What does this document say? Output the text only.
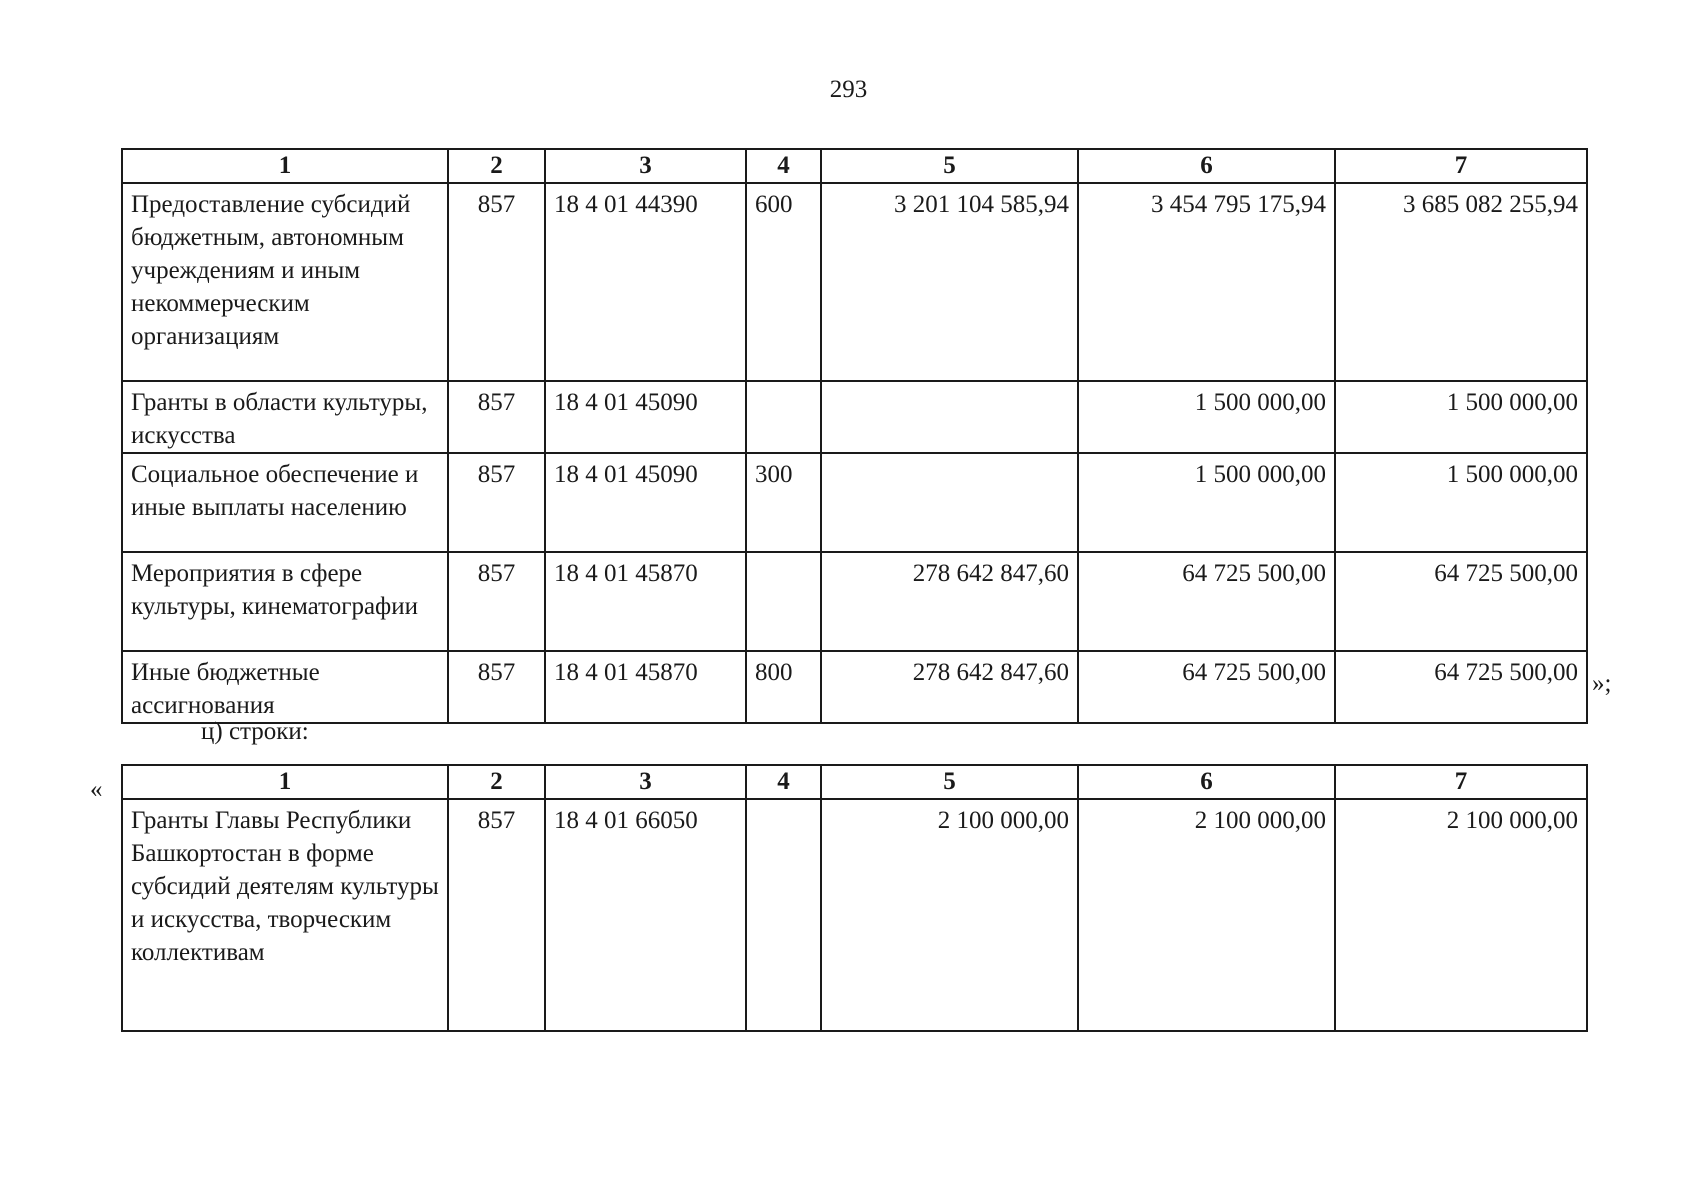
293
1	2	3	4	5	6	7
Предоставление субсидий бюджетным, автономным учреждениям и иным некоммерческим организациям	857	18 4 01 44390	600	3 201 104 585,94	3 454 795 175,94	3 685 082 255,94
Гранты в области культуры, искусства	857	18 4 01 45090			1 500 000,00	1 500 000,00
Социальное обеспечение и иные выплаты населению	857	18 4 01 45090	300		1 500 000,00	1 500 000,00
Мероприятия в сфере культуры, кинематографии	857	18 4 01 45870		278 642 847,60	64 725 500,00	64 725 500,00
Иные бюджетные ассигнования	857	18 4 01 45870	800	278 642 847,60	64 725 500,00	64 725 500,00 »;
ц) строки:
«	1	2	3	4	5	6	7
Гранты Главы Республики Башкортостан в форме субсидий деятелям культуры и искусства, творческим коллективам	857	18 4 01 66050		2 100 000,00	2 100 000,00	2 100 000,00
